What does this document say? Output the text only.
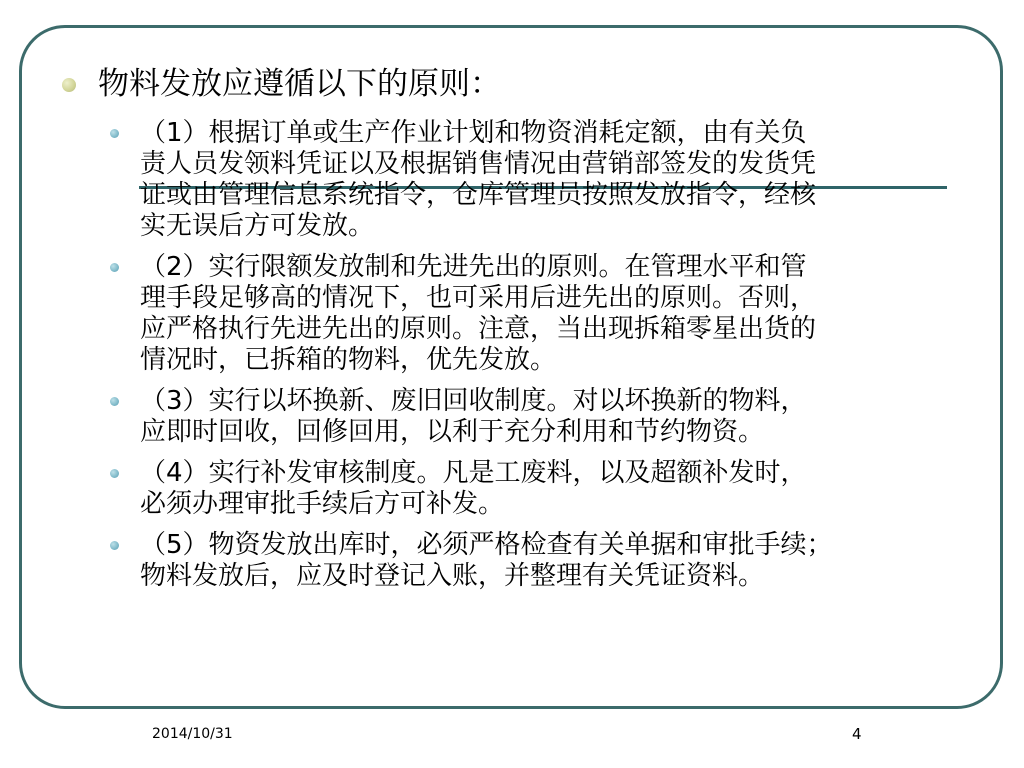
物料发放应遵循以下的原则：
（1）根据订单或生产作业计划和物资消耗定额，由有关负
责人员发领料凭证以及根据销售情况由营销部签发的发货凭
证或由管理信息系统指令，仓库管理员按照发放指令，经核
实无误后方可发放。
（2）实行限额发放制和先进先出的原则。在管理水平和管
理手段足够高的情况下，也可采用后进先出的原则。否则，
应严格执行先进先出的原则。注意，当出现拆箱零星出货的
情况时，已拆箱的物料，优先发放。
（3）实行以坏换新、废旧回收制度。对以坏换新的物料，
应即时回收，回修回用，以利于充分利用和节约物资。
（4）实行补发审核制度。凡是工废料，以及超额补发时，
必须办理审批手续后方可补发。
（5）物资发放出库时，必须严格检查有关单据和审批手续；
物料发放后，应及时登记入账，并整理有关凭证资料。
2014/10/31	4
